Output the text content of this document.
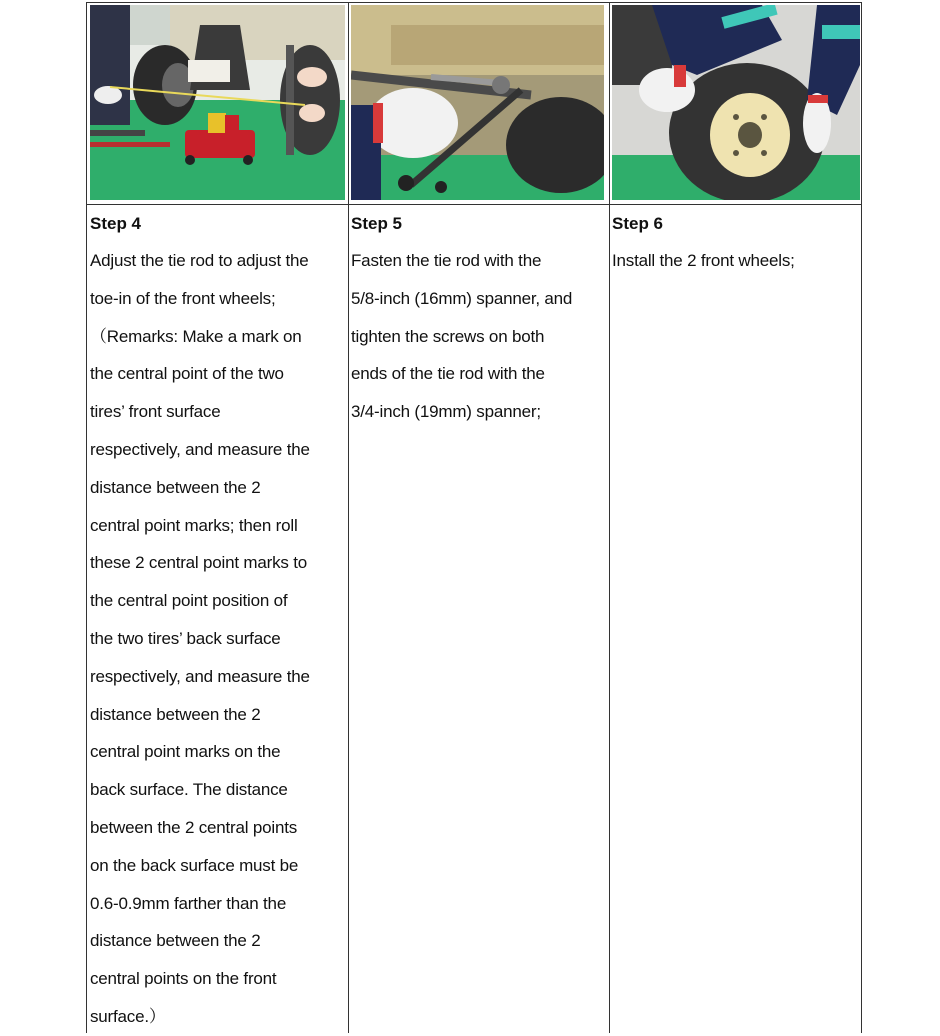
Step 4
Adjust the tie rod to adjust the
toe-in of the front wheels;
（Remarks: Make a mark on
the central point of the two
tires’ front surface
respectively, and measure the
distance between the 2
central point marks; then roll
these 2 central point marks to
the central point position of
the two tires’ back surface
respectively, and measure the
distance between the 2
central point marks on the
back surface. The distance
between the 2 central points
on the back surface must be
0.6-0.9mm farther than the
distance between the 2
central points on the front
surface.）
Step 5
Fasten the tie rod with the
5/8-inch (16mm) spanner, and
tighten the screws on both
ends of the tie rod with the
3/4-inch (19mm) spanner;
Step 6
Install the 2 front wheels;
